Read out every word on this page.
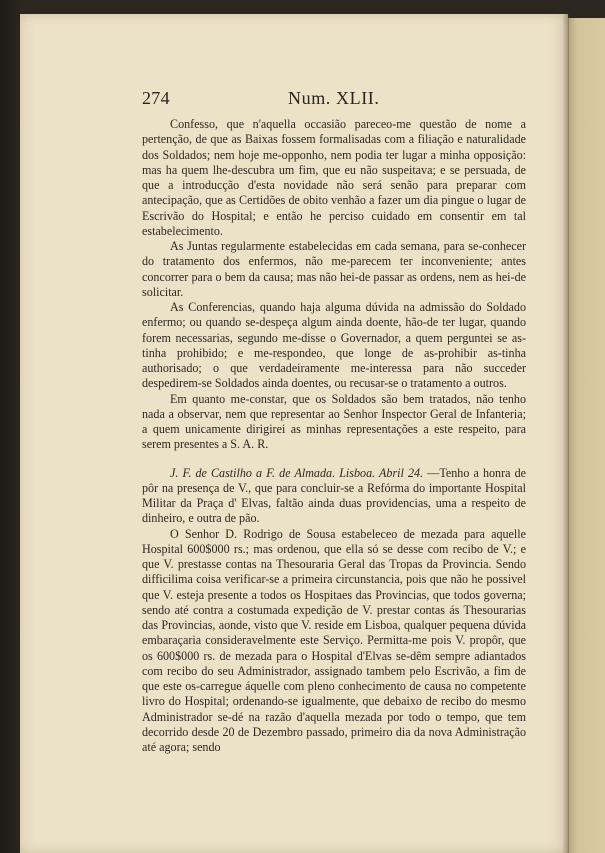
274	Num. XLII.

Confesso, que n'aquella occasião pareceo-me questão de nome a pertenção, de que as Baixas fossem formalisadas com a filiação e naturalidade dos Soldados; nem hoje me-opponho, nem podia ter lugar a minha opposição: mas ha quem lhe-descubra um fim, que eu não suspeitava; e se persuada, de que a introducção d'esta novidade não será senão para preparar com antecipação, que as Certidões de obito venhão a fazer um dia pingue o lugar de Escrivão do Hospital; e então he perciso cuidado em consentir em tal estabelecimento.

As Juntas regularmente estabelecidas em cada semana, para se-conhecer do tratamento dos enfermos, não me-parecem ter inconveniente; antes concorrer para o bem da causa; mas não hei-de passar as ordens, nem as hei-de solicitar.

As Conferencias, quando haja alguma dúvida na admissão do Soldado enfermo; ou quando se-despeça algum ainda doente, hão-de ter lugar, quando forem necessarias, segundo me-disse o Governador, a quem perguntei se as-tinha prohibido; e me-respondeo, que longe de as-prohibir as-tinha authorisado; o que verdadeiramente me-interessa para não succeder despedirem-se Soldados ainda doentes, ou recusar-se o tratamento a outros.

Em quanto me-constar, que os Soldados são bem tratados, não tenho nada a observar, nem que representar ao Senhor Inspector Geral de Infanteria; a quem unicamente dirigirei as minhas representações a este respeito, para serem presentes a S. A. R.

J. F. de Castilho a F. de Almada. Lisboa. Abril 24. —Tenho a honra de pôr na presença de V., que para concluir-se a Refórma do importante Hospital Militar da Praça d' Elvas, faltão ainda duas providencias, uma a respeito de dinheiro, e outra de pão.

O Senhor D. Rodrigo de Sousa estabeleceo de mezada para aquelle Hospital 600$000 rs.; mas ordenou, que ella só se desse com recibo de V.; e que V. prestasse contas na Thesouraria Geral das Tropas da Provincia. Sendo difficilima coisa verificar-se a primeira circunstancia, pois que não he possivel que V. esteja presente a todos os Hospitaes das Provincias, que todos governa; sendo até contra a costumada expedição de V. prestar contas ás Thesourarias das Provincias, aonde, visto que V. reside em Lisboa, qualquer pequena dúvida embaraçaria consideravelmente este Serviço. Permitta-me pois V. propôr, que os 600$000 rs. de mezada para o Hospital d'Elvas se-dêm sempre adiantados com recibo do seu Administrador, assignado tambem pelo Escrivão, a fim de que este os-carregue áquelle com pleno conhecimento de causa no competente livro do Hospital; ordenando-se igualmente, que debaixo de recibo do mesmo Administrador se-dé na razão d'aquella mezada por todo o tempo, que tem decorrido desde 20 de Dezembro passado, primeiro dia da nova Administração até agora; sendo
